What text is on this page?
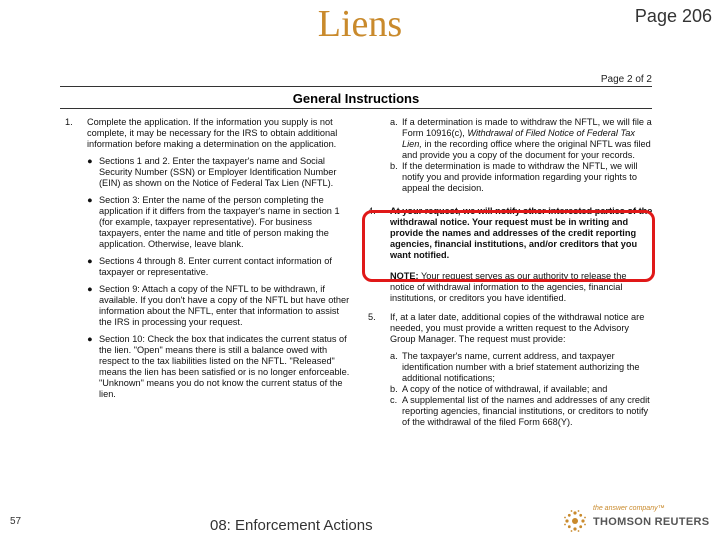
Liens	Page 206
Page 2 of 2
General Instructions
1.	Complete the application. If the information you supply is not complete, it may be necessary for the IRS to obtain additional information before making a determination on the application.
● Sections 1 and 2. Enter the taxpayer's name and Social Security Number (SSN) or Employer Identification Number (EIN) as shown on the Notice of Federal Tax Lien (NFTL).
● Section 3: Enter the name of the person completing the application if it differs from the taxpayer's name in section 1 (for example, taxpayer representative). For business taxpayers, enter the name and title of person making the application. Otherwise, leave blank.
● Sections 4 through 8. Enter current contact information of taxpayer or representative.
● Section 9: Attach a copy of the NFTL to be withdrawn, if available. If you don't have a copy of the NFTL but have other information about the NFTL, enter that information to assist the IRS in processing your request.
● Section 10: Check the box that indicates the current status of the lien. "Open" means there is still a balance owed with respect to the tax liabilities listed on the NFTL. "Released" means the lien has been satisfied or is no longer enforceable. "Unknown" means you do not know the current status of the lien.
a. If a determination is made to withdraw the NFTL, we will file a Form 10916(c), Withdrawal of Filed Notice of Federal Tax Lien, in the recording office where the original NFTL was filed and provide you a copy of the document for your records.
b. If the determination is made to withdraw the NFTL, we will notify you and provide information regarding your rights to appeal the decision.
4.	At your request, we will notify other interested parties of the withdrawal notice. Your request must be in writing and provide the names and addresses of the credit reporting agencies, financial institutions, and/or creditors that you want notified.
NOTE: Your request serves as our authority to release the notice of withdrawal information to the agencies, financial institutions, or creditors you have identified.
5.	If, at a later date, additional copies of the withdrawal notice are needed, you must provide a written request to the Advisory Group Manager. The request must provide:
a. The taxpayer's name, current address, and taxpayer identification number with a brief statement authorizing the additional notifications;
b. A copy of the notice of withdrawal, if available; and
c. A supplemental list of the names and addresses of any credit reporting agencies, financial institutions, or creditors to notify of the withdrawal of the filed Form 668(Y).
57	08: Enforcement Actions
the answer company™
THOMSON REUTERS
